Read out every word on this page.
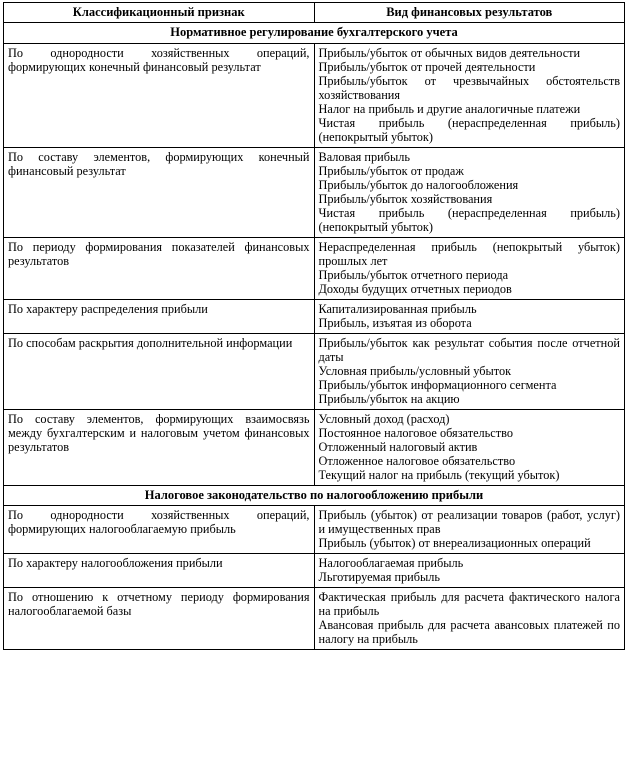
Классификационный признак	Вид финансовых результатов
Нормативное регулирование бухгалтерского учета	
По однородности хозяйственных операций, формирующих конечный финансовый результат	Прибыль/убыток от обычных видов деятельности
Прибыль/убыток от прочей деятельности
Прибыль/убыток от чрезвычайных обстоятельств хозяйствования
Налог на прибыль и другие аналогичные платежи
Чистая прибыль (нераспределенная прибыль) (непокрытый убыток)

По составу элементов, формирующих конечный финансовый результат	Валовая прибыль
Прибыль/убыток от продаж
Прибыль/убыток до налогообложения
Прибыль/убыток хозяйствования
Чистая прибыль (нераспределенная прибыль) (непокрытый убыток)

По периоду формирования показателей финансовых результатов	Нераспределенная прибыль (непокрытый убыток) прошлых лет
Прибыль/убыток отчетного периода
Доходы будущих отчетных периодов

По характеру распределения прибыли	Капитализированная прибыль
Прибыль, изъятая из оборота

По способам раскрытия дополнительной информации	Прибыль/убыток как результат события после отчетной даты
Условная прибыль/условный убыток
Прибыль/убыток информационного сегмента
Прибыль/убыток на акцию

По составу элементов, формирующих взаимосвязь между бухгалтерским и налоговым учетом финансовых результатов	Условный доход (расход)
Постоянное налоговое обязательство
Отложенный налоговый актив
Отложенное налоговое обязательство
Текущий налог на прибыль (текущий убыток)

Налоговое законодательство по налогообложению прибыли	
По однородности хозяйственных операций, формирующих налогооблагаемую прибыль	Прибыль (убыток) от реализации товаров (работ, услуг) и имущественных прав
Прибыль (убыток) от внереализационных операций

По характеру налогообложения прибыли	Налогооблагаемая прибыль
Льготируемая прибыль

По отношению к отчетному периоду формирования налогооблагаемой базы	Фактическая прибыль для расчета фактического налога на прибыль
Авансовая прибыль для расчета авансовых платежей по налогу на прибыль
